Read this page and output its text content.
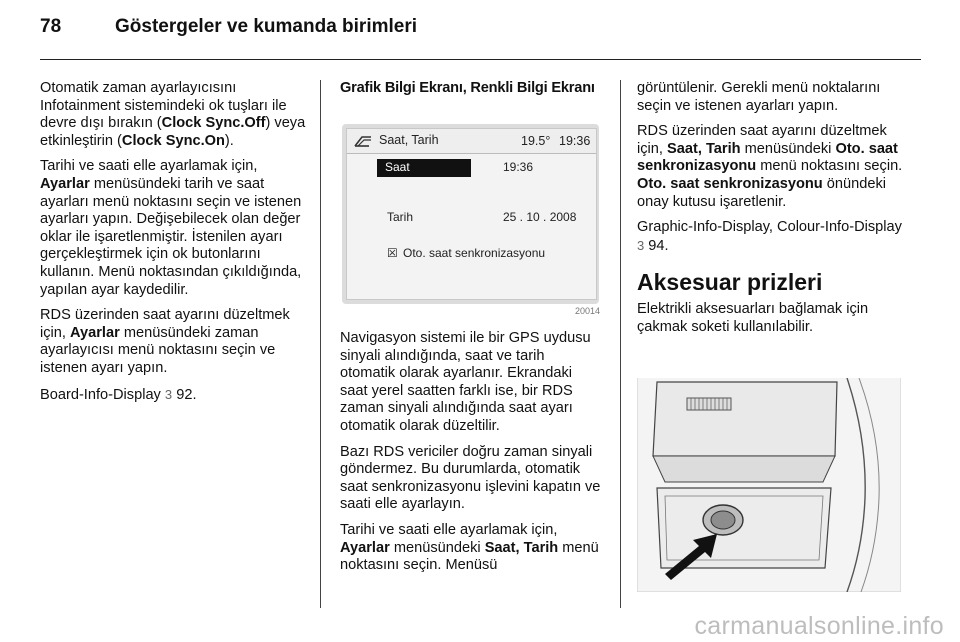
78	Göstergeler ve kumanda birimleri

Otomatik zaman ayarlayıcısını Infotainment sistemindeki ok tuşları ile devre dışı bırakın (Clock Sync.Off) veya etkinleştirin (Clock Sync.On).

Tarihi ve saati elle ayarlamak için, Ayarlar menüsündeki tarih ve saat ayarları menü noktasını seçin ve istenen ayarları yapın. Değişebilecek olan değer oklar ile işaretlenmiştir. İstenilen ayarı gerçekleştirmek için ok butonlarını kullanın. Menü noktasından çıkıldığında, yapılan ayar kaydedilir.

RDS üzerinden saat ayarını düzeltmek için, Ayarlar menüsündeki zaman ayarlayıcısı menü noktasını seçin ve istenen ayarı yapın.

Board-Info-Display 3 92.

Grafik Bilgi Ekranı, Renkli Bilgi Ekranı
Saat, Tarih	19.5° 19:36
Saat	19:36
Tarih	25 . 10 . 2008
☒ Oto. saat senkronizasyonu
20014

Navigasyon sistemi ile bir GPS uydusu sinyali alındığında, saat ve tarih otomatik olarak ayarlanır. Ekrandaki saat yerel saatten farklı ise, bir RDS zaman sinyali alındığında saat ayarı otomatik olarak düzeltilir.

Bazı RDS vericiler doğru zaman sinyali göndermez. Bu durumlarda, otomatik saat senkronizasyonu işlevini kapatın ve saati elle ayarlayın.

Tarihi ve saati elle ayarlamak için, Ayarlar menüsündeki Saat, Tarih menü noktasını seçin. Menüsü

görüntülenir. Gerekli menü noktalarını seçin ve istenen ayarları yapın.

RDS üzerinden saat ayarını düzeltmek için, Saat, Tarih menüsündeki Oto. saat senkronizasyonu menü noktasını seçin. Oto. saat senkronizasyonu önündeki onay kutusu işaretlenir.

Graphic-Info-Display, Colour-Info-Display 3 94.

Aksesuar prizleri

Elektrikli aksesuarları bağlamak için çakmak soketi kullanılabilir.

carmanualsonline.info
